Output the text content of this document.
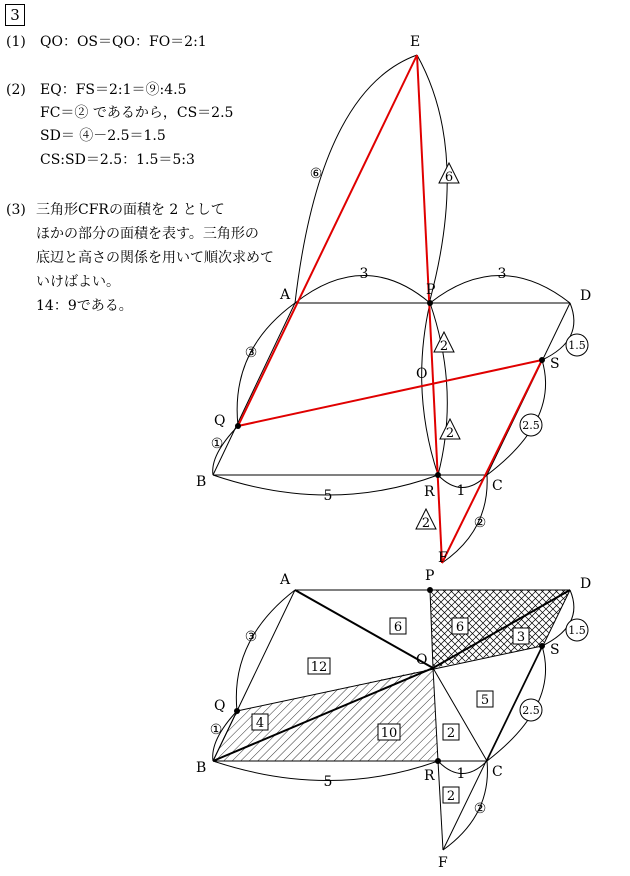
3
(1) QO：OS＝QO：FO＝2:1
(2) EQ：FS＝2:1＝⑨:4.5
FC＝② であるから，CS＝2.5
SD＝ ④－2.5＝1.5
CS:SD＝2.5：1.5＝5:3
(3) 三角形CFRの面積を 2 として
ほかの部分の面積を表す。三角形の
底辺と高さの関係を用いて順次求めて
いけばよい。
14：9である。
E
A	P	D
O
S
Q
B
R	C
F
3	3
5	1
⑥
③
①
②
2.5
1.5
6
2
2
2
A	P	D
O
S
Q
B	R	C
F
5	1
③
①
②
2.5
1.5
6	6
3
12
4
10	2
5
2
